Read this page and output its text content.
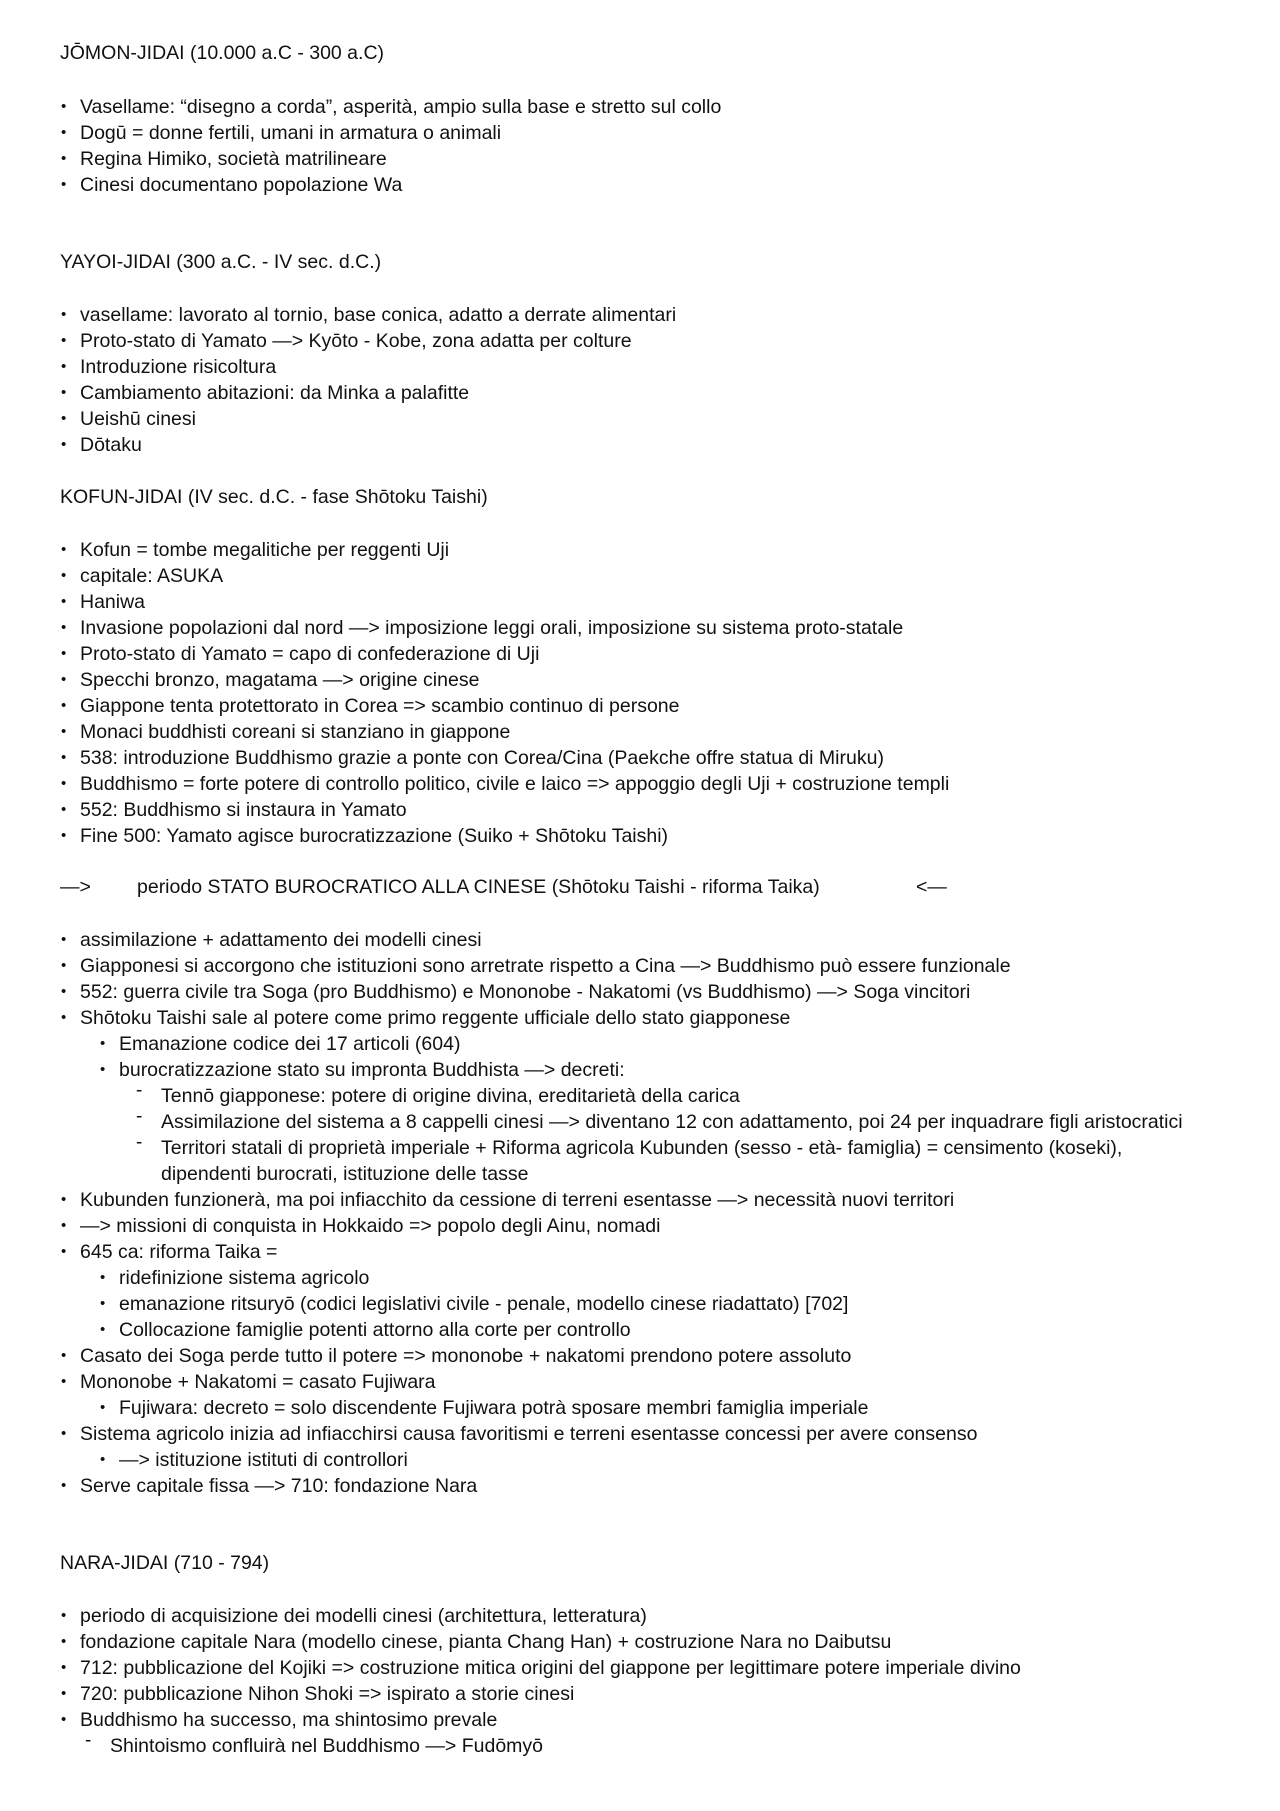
JŌMON-JIDAI (10.000 a.C - 300 a.C)
• Vasellame: “disegno a corda”, asperità, ampio sulla base e stretto sul collo
• Dogū = donne fertili, umani in armatura o animali
• Regina Himiko, società matrilineare
• Cinesi documentano popolazione Wa
YAYOI-JIDAI (300 a.C. - IV sec. d.C.)
• vasellame: lavorato al tornio, base conica, adatto a derrate alimentari
• Proto-stato di Yamato —> Kyōto - Kobe, zona adatta per colture
• Introduzione risicoltura
• Cambiamento abitazioni: da Minka a palafitte
• Ueishū cinesi
• Dōtaku
KOFUN-JIDAI (IV sec. d.C. - fase Shōtoku Taishi)
• Kofun = tombe megalitiche per reggenti Uji
• capitale: ASUKA
• Haniwa
• Invasione popolazioni dal nord —> imposizione leggi orali, imposizione su sistema proto-statale
• Proto-stato di Yamato = capo di confederazione di Uji
• Specchi bronzo, magatama —> origine cinese
• Giappone tenta protettorato in Corea => scambio continuo di persone
• Monaci buddhisti coreani si stanziano in giappone
• 538: introduzione Buddhismo grazie a ponte con Corea/Cina (Paekche offre statua di Miruku)
• Buddhismo = forte potere di controllo politico, civile e laico => appoggio degli Uji + costruzione templi
• 552: Buddhismo si instaura in Yamato
• Fine 500: Yamato agisce burocratizzazione (Suiko + Shōtoku Taishi)
—> periodo STATO BUROCRATICO ALLA CINESE (Shōtoku Taishi - riforma Taika)	<—
• assimilazione + adattamento dei modelli cinesi
• Giapponesi si accorgono che istituzioni sono arretrate rispetto a Cina —> Buddhismo può essere funzionale
• 552: guerra civile tra Soga (pro Buddhismo) e Mononobe - Nakatomi (vs Buddhismo) —> Soga vincitori
• Shōtoku Taishi sale al potere come primo reggente ufficiale dello stato giapponese
• Emanazione codice dei 17 articoli (604)
• burocratizzazione stato su impronta Buddhista —> decreti:
- Tennō giapponese: potere di origine divina, ereditarietà della carica
- Assimilazione del sistema a 8 cappelli cinesi —> diventano 12 con adattamento, poi 24 per inquadrare figli aristocratici
- Territori statali di proprietà imperiale + Riforma agricola Kubunden (sesso - età- famiglia) = censimento (koseki), dipendenti burocrati, istituzione delle tasse
• Kubunden funzionerà, ma poi infiacchito da cessione di terreni esentasse —> necessità nuovi territori
• —> missioni di conquista in Hokkaido => popolo degli Ainu, nomadi
• 645 ca: riforma Taika =
• ridefinizione sistema agricolo
• emanazione ritsuryō (codici legislativi civile - penale, modello cinese riadattato) [702]
• Collocazione famiglie potenti attorno alla corte per controllo
• Casato dei Soga perde tutto il potere => mononobe + nakatomi prendono potere assoluto
• Mononobe + Nakatomi = casato Fujiwara
• Fujiwara: decreto = solo discendente Fujiwara potrà sposare membri famiglia imperiale
• Sistema agricolo inizia ad infiacchirsi causa favoritismi e terreni esentasse concessi per avere consenso
• —> istituzione istituti di controllori
• Serve capitale fissa —> 710: fondazione Nara
NARA-JIDAI (710 - 794)
• periodo di acquisizione dei modelli cinesi (architettura, letteratura)
• fondazione capitale Nara (modello cinese, pianta Chang Han) + costruzione Nara no Daibutsu
• 712: pubblicazione del Kojiki => costruzione mitica origini del giappone per legittimare potere imperiale divino
• 720: pubblicazione Nihon Shoki => ispirato a storie cinesi
• Buddhismo ha successo, ma shintosimo prevale
- Shintoismo confluirà nel Buddhismo —> Fudōmyō
